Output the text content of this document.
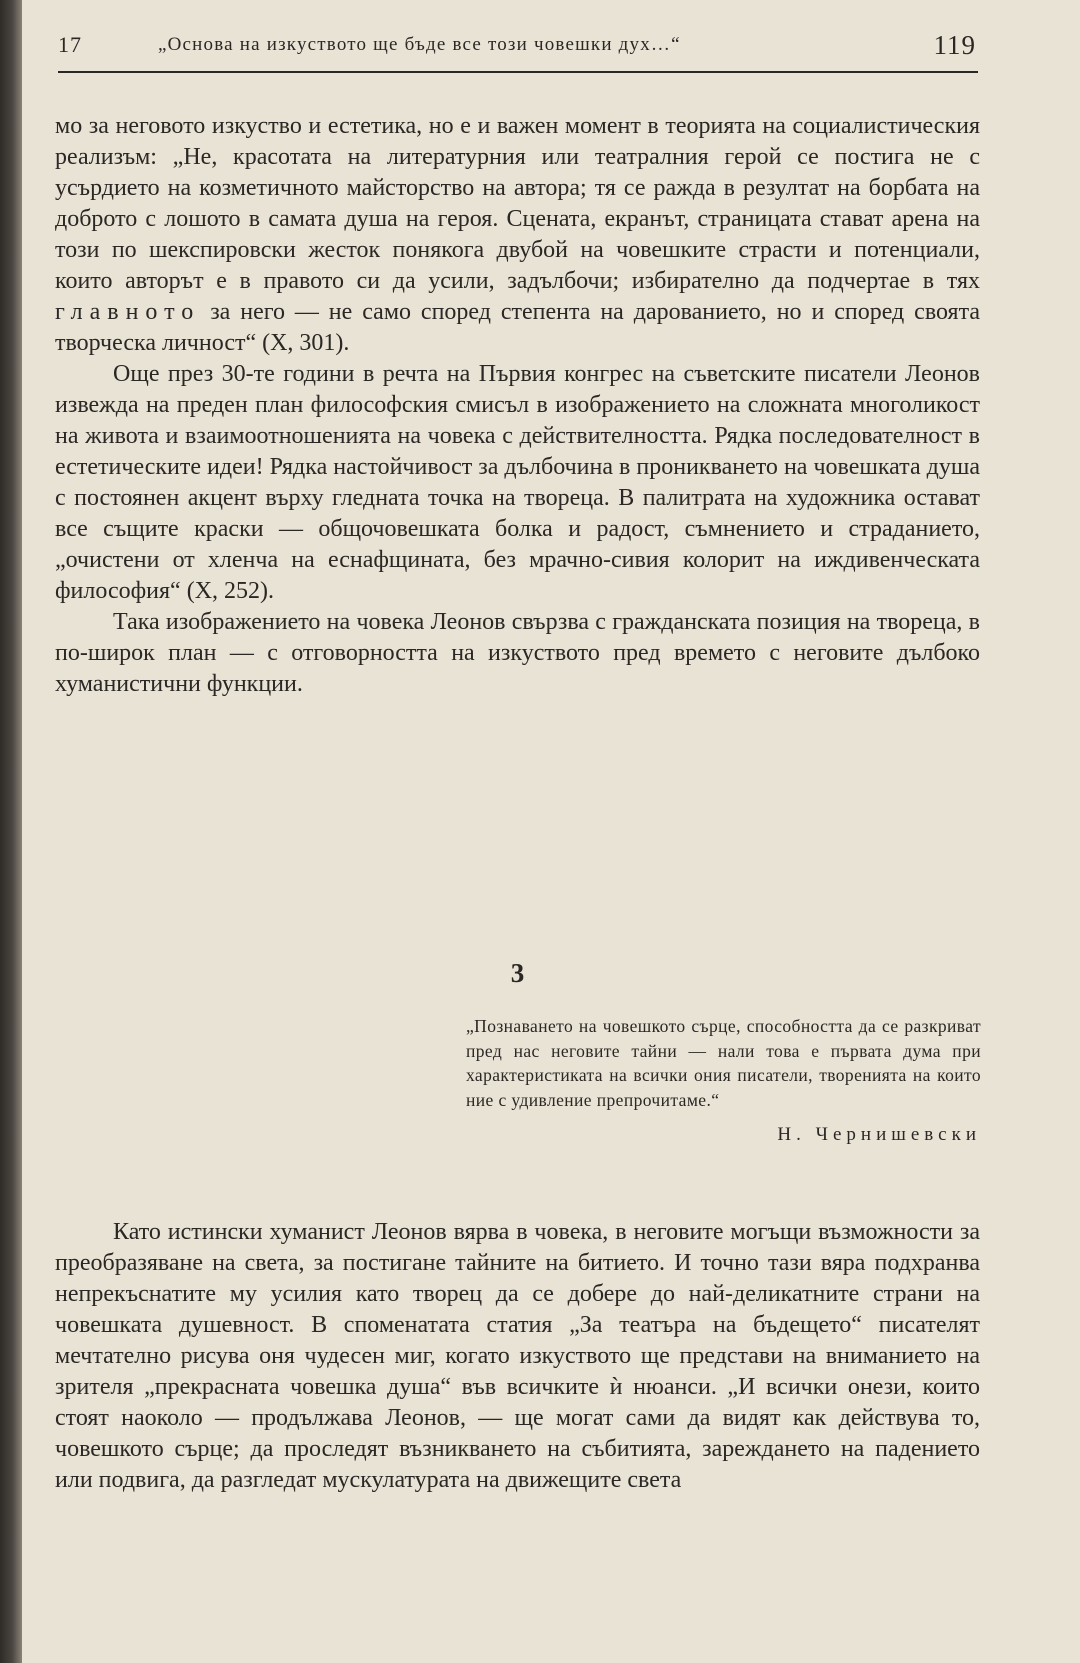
17	„Основа на изкуството ще бъде все този човешки дух…“	119

мо за неговото изкуство и естетика, но е и важен момент в теорията на социалистическия реализъм: „Не, красотата на литературния или театралния герой се постига не с усърдието на козметичното майсторство на автора; тя се ражда в резултат на борбата на доброто с лошото в самата душа на героя. Сцената, екранът, страницата стават арена на този по шекспировски жесток понякога двубой на човешките страсти и потенциали, които авторът е в правото си да усили, задълбочи; избирателно да подчертае в тях главното за него — не само според степента на дарованието, но и според своята творческа личност“ (X, 301).

Още през 30-те години в речта на Първия конгрес на съветските писатели Леонов извежда на преден план философския смисъл в изображението на сложната многоликост на живота и взаимоотношенията на човека с действителността. Рядка последователност в естетическите идеи! Рядка настойчивост за дълбочина в проникването на човешката душа с постоянен акцент върху гледната точка на твореца. В палитрата на художника остават все същите краски — общочовешката болка и радост, съмнението и страданието, „очистени от хленча на еснафщината, без мрачно-сивия колорит на иждивенческата философия“ (X, 252).

Така изображението на човека Леонов свързва с гражданската позиция на твореца, в по-широк план — с отговорността на изкуството пред времето с неговите дълбоко хуманистични функции.

3
„Познаването на човешкото сърце, способността да се разкриват пред нас неговите тайни — нали това е първата дума при характеристиката на всички ония писатели, творенията на които ние с удивление препрочитаме.“
Н. Чернишевски

Като истински хуманист Леонов вярва в човека, в неговите могъщи възможности за преобразяване на света, за постигане тайните на битието. И точно тази вяра подхранва непрекъснатите му усилия като творец да се добере до най-деликатните страни на човешката душевност. В споменатата статия „За театъра на бъдещето“ писателят мечтателно рисува оня чудесен миг, когато изкуството ще представи на вниманието на зрителя „прекрасната човешка душа“ във всичките ѝ нюанси. „И всички онези, които стоят наоколо — продължава Леонов, — ще могат сами да видят как действува то, човешкото сърце; да проследят възникването на събитията, зареждането на падението или подвига, да разгледат мускулатурата на движещите света
